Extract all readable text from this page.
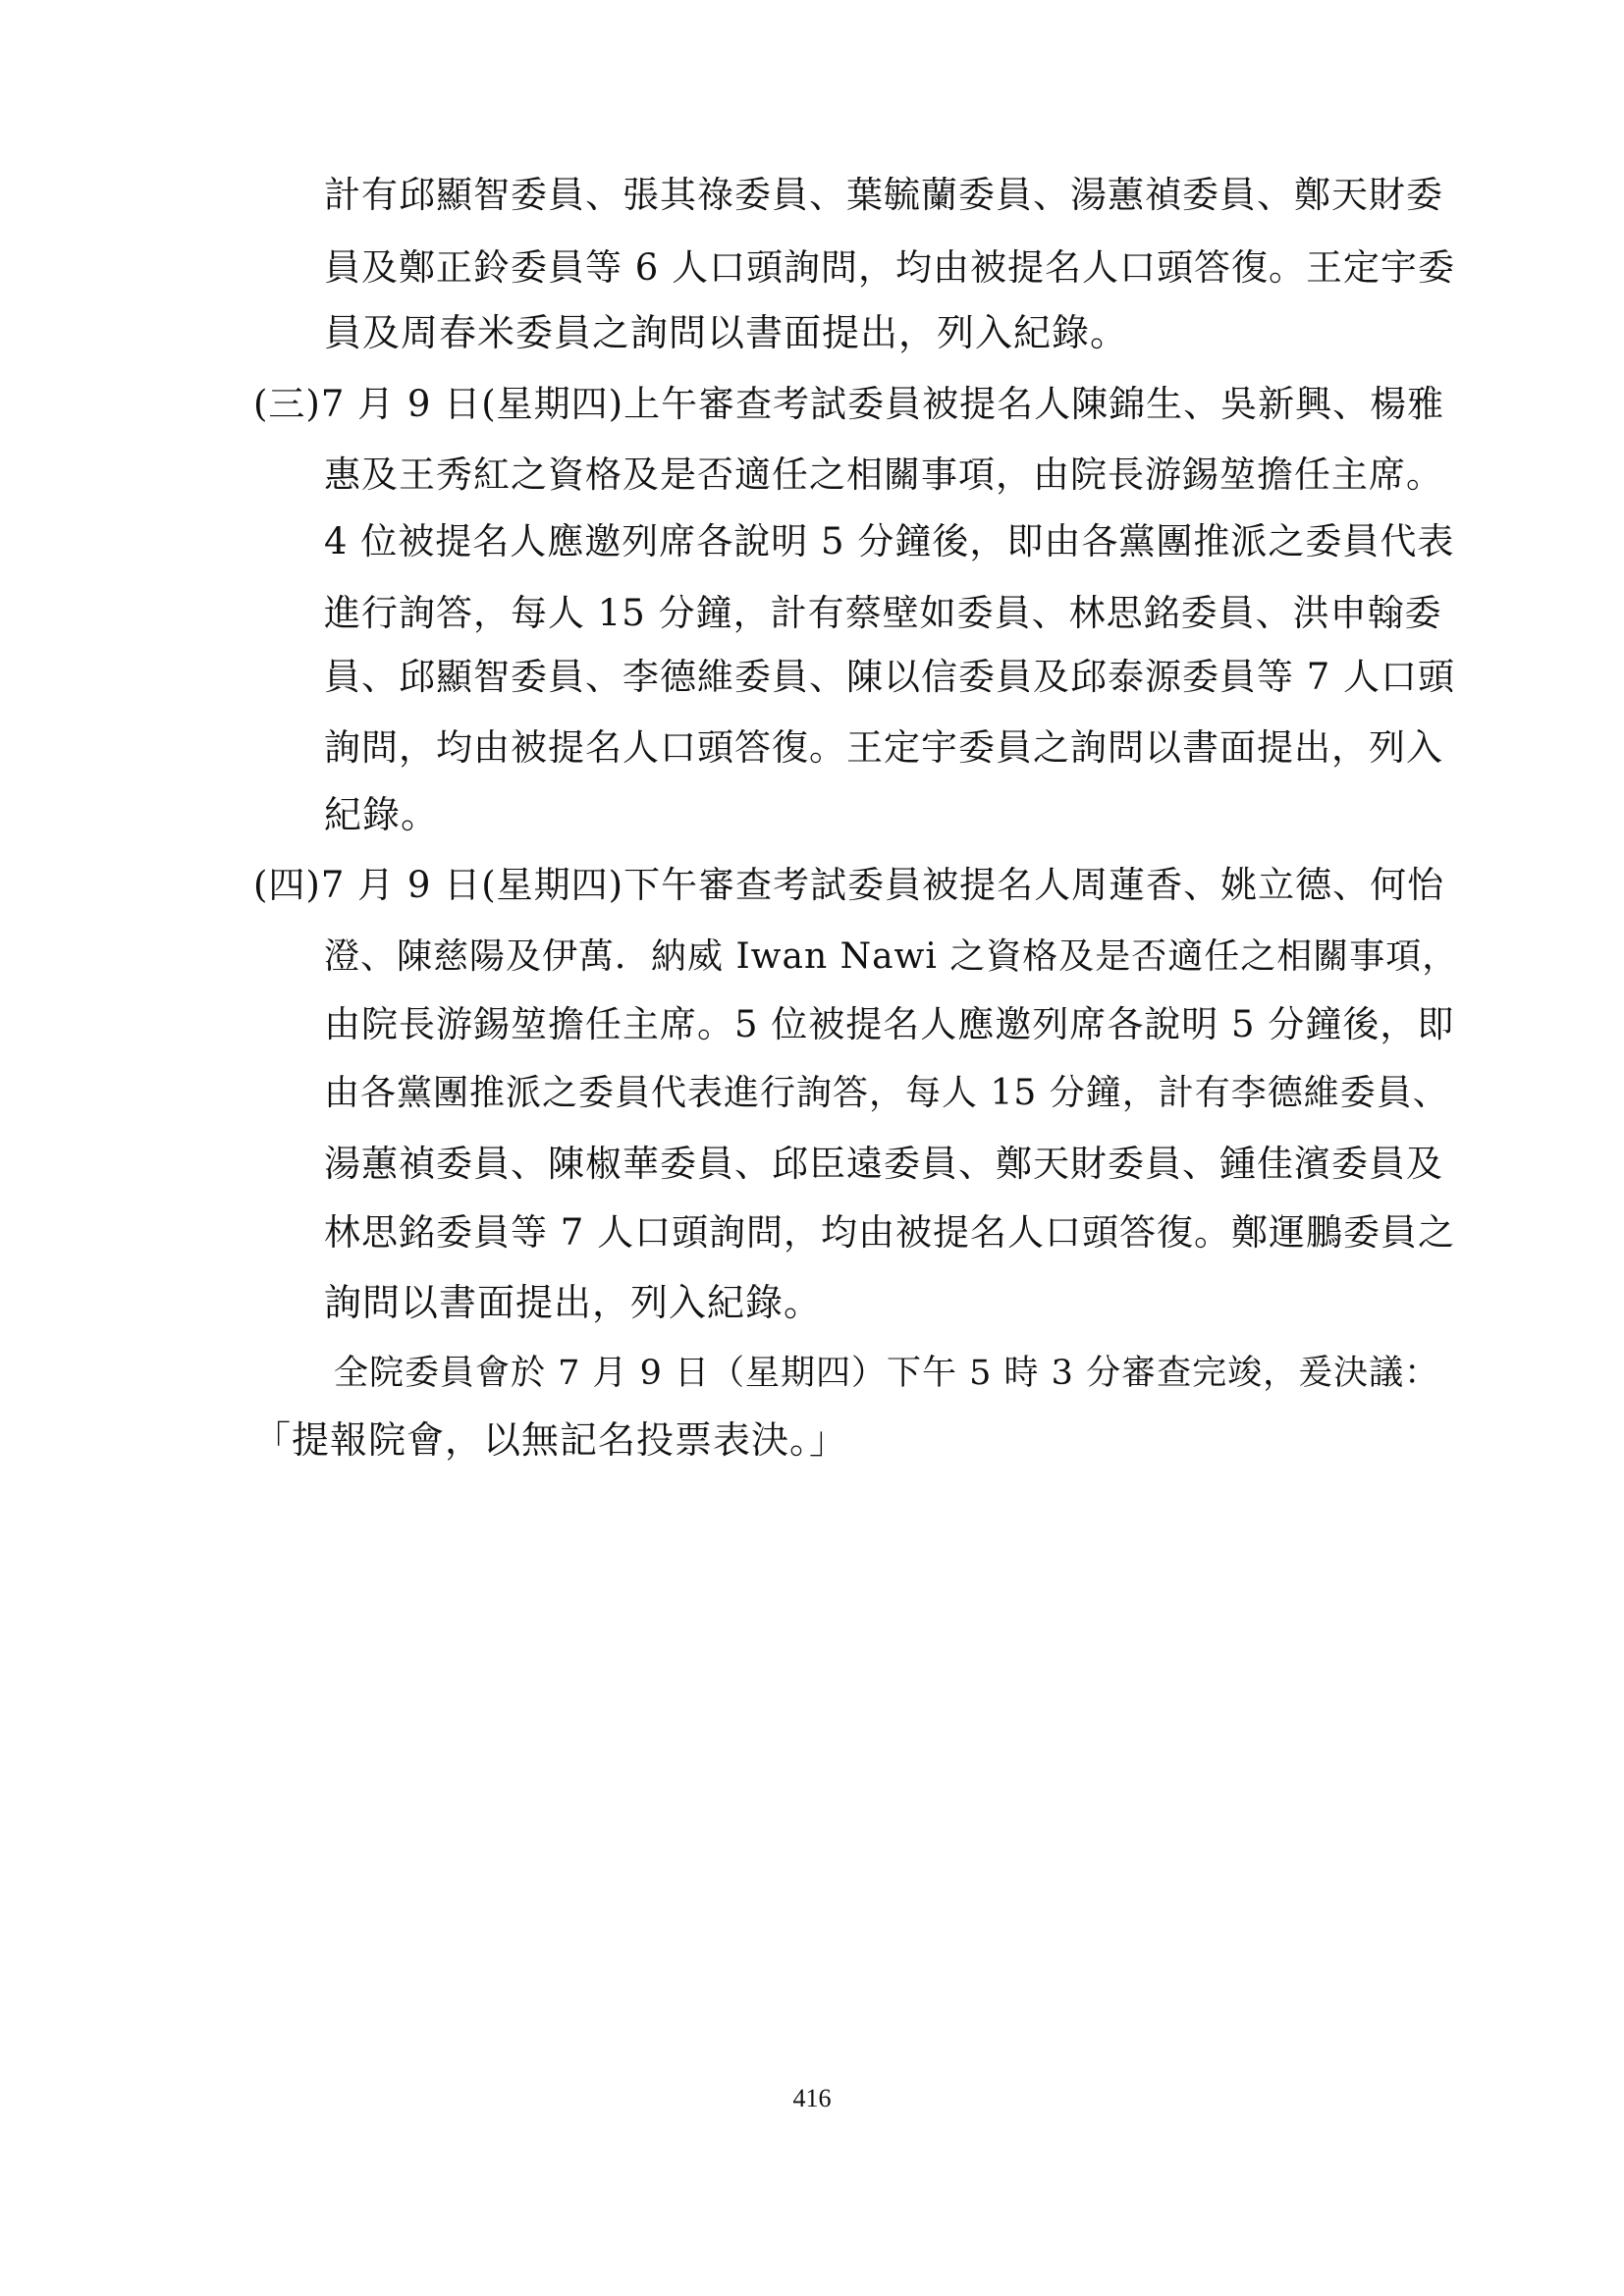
計有邱顯智委員、張其祿委員、葉毓蘭委員、湯蕙禎委員、鄭天財委
員及鄭正鈴委員等 6 人口頭詢問，均由被提名人口頭答復。王定宇委
員及周春米委員之詢問以書面提出，列入紀錄。
(三)7 月 9 日(星期四)上午審查考試委員被提名人陳錦生、吳新興、楊雅
惠及王秀紅之資格及是否適任之相關事項，由院長游錫堃擔任主席。
4 位被提名人應邀列席各說明 5 分鐘後，即由各黨團推派之委員代表
進行詢答，每人 15 分鐘，計有蔡壁如委員、林思銘委員、洪申翰委
員、邱顯智委員、李德維委員、陳以信委員及邱泰源委員等 7 人口頭
詢問，均由被提名人口頭答復。王定宇委員之詢問以書面提出，列入
紀錄。
(四)7 月 9 日(星期四)下午審查考試委員被提名人周蓮香、姚立德、何怡
澄、陳慈陽及伊萬．納威 Iwan Nawi 之資格及是否適任之相關事項，
由院長游錫堃擔任主席。5 位被提名人應邀列席各說明 5 分鐘後，即
由各黨團推派之委員代表進行詢答，每人 15 分鐘，計有李德維委員、
湯蕙禎委員、陳椒華委員、邱臣遠委員、鄭天財委員、鍾佳濱委員及
林思銘委員等 7 人口頭詢問，均由被提名人口頭答復。鄭運鵬委員之
詢問以書面提出，列入紀錄。
全院委員會於 7 月 9 日（星期四）下午 5 時 3 分審查完竣，爰決議：
「提報院會，以無記名投票表決。」
416
